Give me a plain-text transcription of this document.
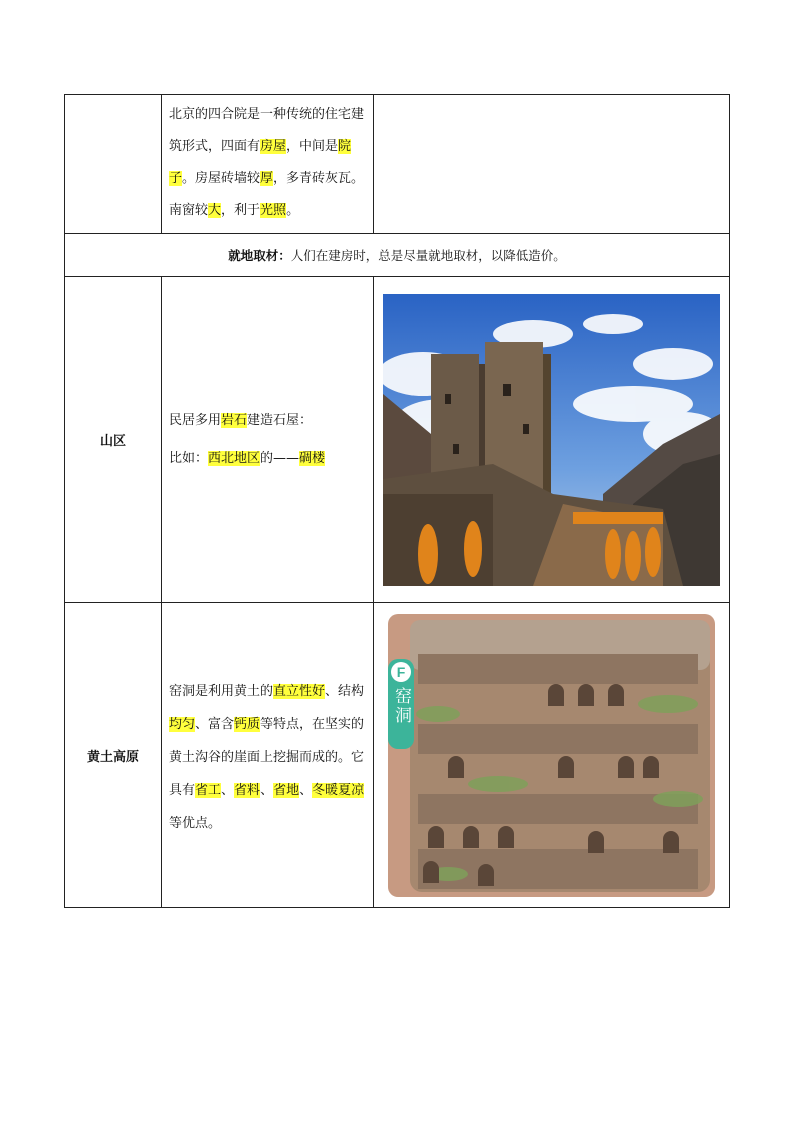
	北京的四合院是一种传统的住宅建筑形式，四面有房屋，中间是院子。房屋砖墙较厚，多青砖灰瓦。南窗较大，利于光照。	

就地取材：人们在建房时，总是尽量就地取材，以降低造价。		
山区	民居多用岩石建造石屋：
比如：西北地区的——碉楼

黄土高原	窑洞是利用黄土的直立性好、结构均匀、富含钙质等特点，在坚实的黄土沟谷的崖面上挖掘而成的。它具有省工、省料、省地、冬暖夏凉等优点。	F
窑洞
